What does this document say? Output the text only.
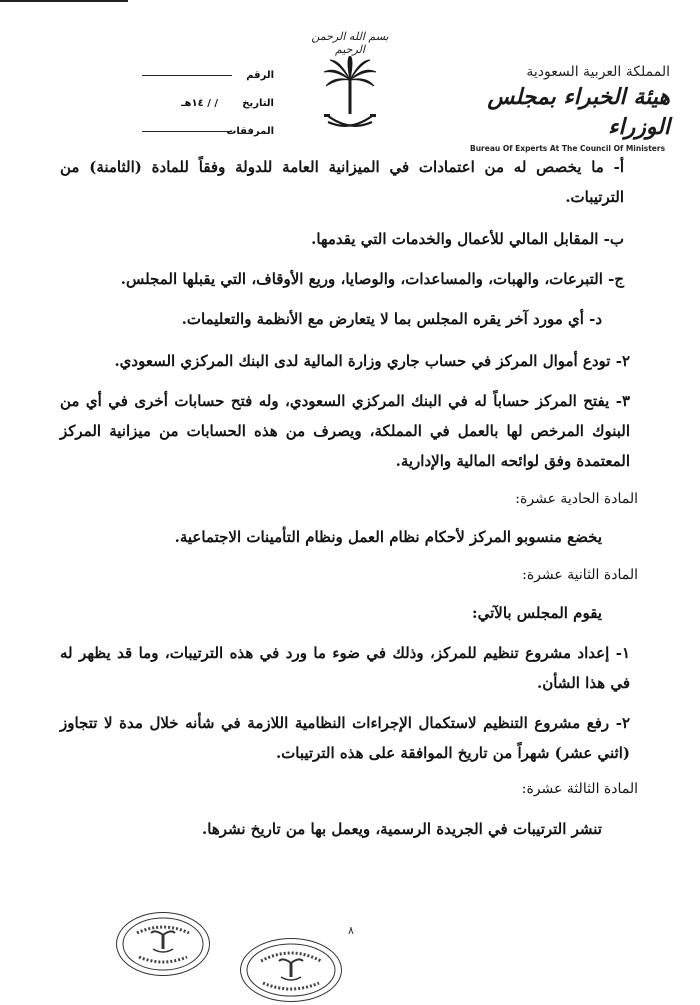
بسم الله الرحمن الرحيم
الرقم
التاريخ/ / ١٤هـ
المرفقات
المملكة العربية السعودية
هيئة الخبراء بمجلس الوزراء
Bureau Of Experts At The Council Of Ministers

أ- ما يخصص له من اعتمادات في الميزانية العامة للدولة وفقاً للمادة (الثامنة) من الترتيبات.

ب- المقابل المالي للأعمال والخدمات التي يقدمها.

ج- التبرعات، والهبات، والمساعدات، والوصايا، وريع الأوقاف، التي يقبلها المجلس.

د- أي مورد آخر يقره المجلس بما لا يتعارض مع الأنظمة والتعليمات.

٢- تودع أموال المركز في حساب جاري وزارة المالية لدى البنك المركزي السعودي.

٣- يفتح المركز حساباً له في البنك المركزي السعودي، وله فتح حسابات أخرى في أي من البنوك المرخص لها بالعمل في المملكة، ويصرف من هذه الحسابات من ميزانية المركز المعتمدة وفق لوائحه المالية والإدارية.

المادة الحادية عشرة:

يخضع منسوبو المركز لأحكام نظام العمل ونظام التأمينات الاجتماعية.

المادة الثانية عشرة:

يقوم المجلس بالآتي:

١- إعداد مشروع تنظيم للمركز، وذلك في ضوء ما ورد في هذه الترتيبات، وما قد يظهر له في هذا الشأن.

٢- رفع مشروع التنظيم لاستكمال الإجراءات النظامية اللازمة في شأنه خلال مدة لا تتجاوز (اثني عشر) شهراً من تاريخ الموافقة على هذه الترتيبات.

المادة الثالثة عشرة:

تنشر الترتيبات في الجريدة الرسمية، ويعمل بها من تاريخ نشرها.

٨
